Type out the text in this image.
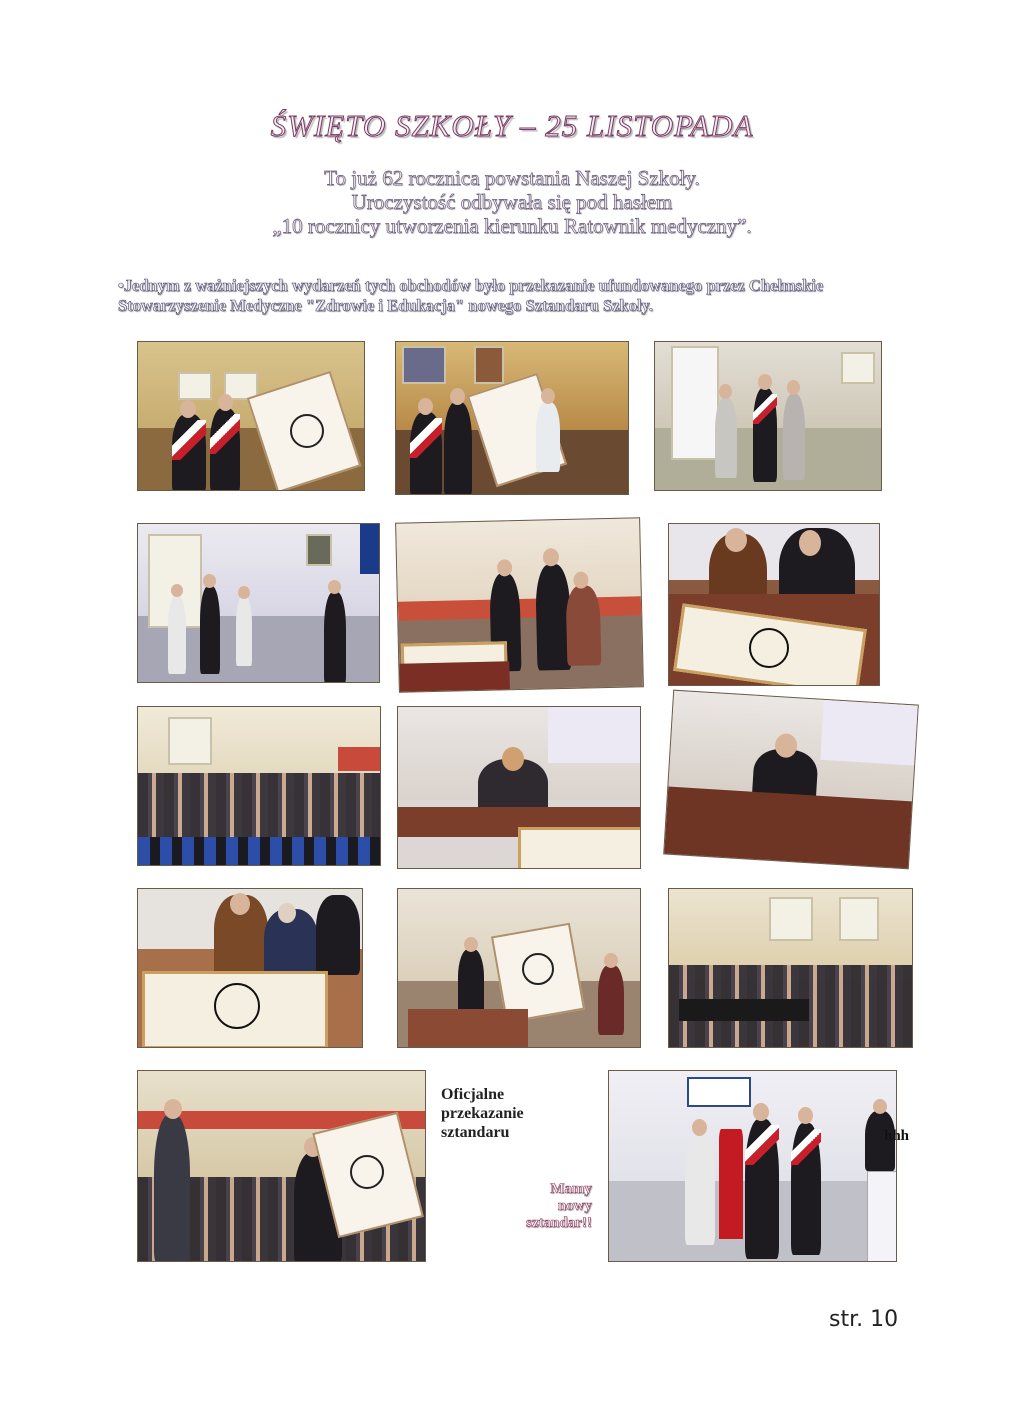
ŚWIĘTO SZKOŁY – 25 LISTOPADA
To już 62 rocznica powstania Naszej Szkoły.
Uroczystość odbywała się pod hasłem
„10 rocznicy utworzenia kierunku Ratownik medyczny”.
•Jednym z ważniejszych wydarzeń tych obchodów było przekazanie ufundowanego przez Chełmskie Stowarzyszenie Medyczne "Zdrowie i Edukacja" nowego Sztandaru Szkoły.
Oficjalne
przekazanie
sztandaru
Mamy
nowy
sztandar!!
hhh
str. 10
